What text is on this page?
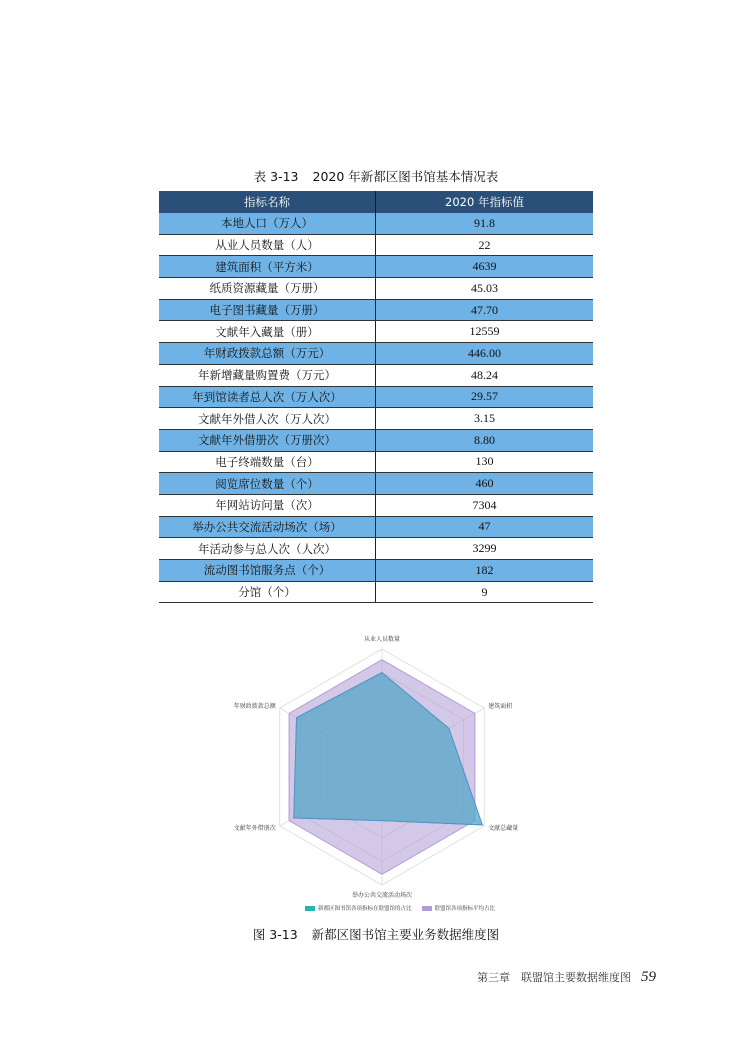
表 3-13 2020 年新都区图书馆基本情况表
指标名称	2020 年指标值
本地人口（万人）	91.8
从业人员数量（人）	22
建筑面积（平方米）	4639
纸质资源藏量（万册）	45.03
电子图书藏量（万册）	47.70
文献年入藏量（册）	12559
年财政拨款总额（万元）	446.00
年新增藏量购置费（万元）	48.24
年到馆读者总人次（万人次）	29.57
文献年外借人次（万人次）	3.15
文献年外借册次（万册次）	8.80
电子终端数量（台）	130
阅览席位数量（个）	460
年网站访问量（次）	7304
举办公共交流活动场次（场）	47
年活动参与总人次（人次）	3299
流动图书馆服务点（个）	182
分馆（个）	9
从业人员数量
建筑面积
文献总藏量
举办公共交流活动场次
文献年外借册次
年财政拨款总额
新都区图书馆各项指标在联盟馆的占比	联盟馆各项指标平均占比
图 3-13 新都区图书馆主要业务数据维度图
第三章　联盟馆主要数据维度图 59
